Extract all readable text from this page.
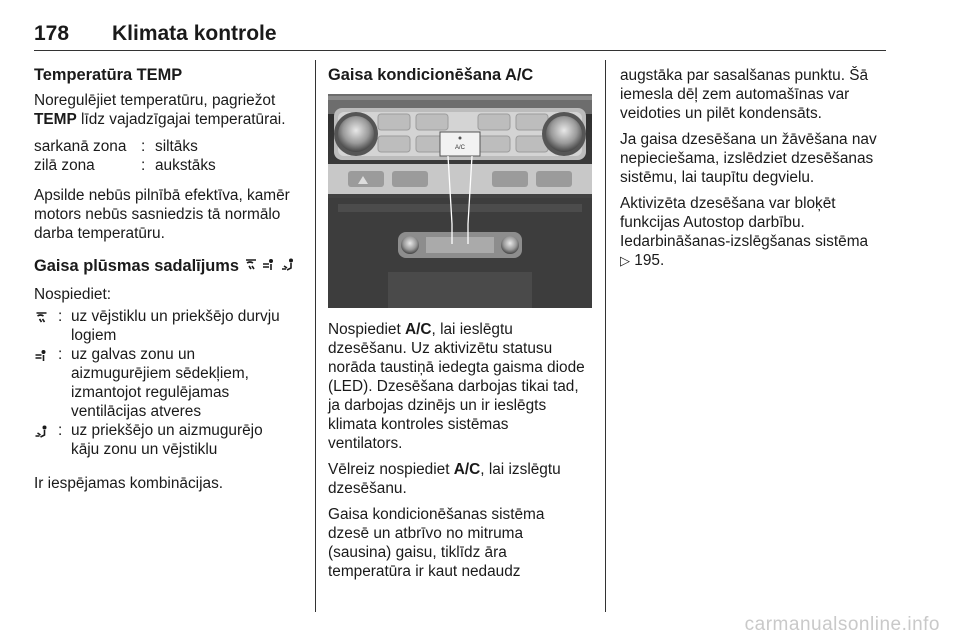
178 Klimata kontrole

Temperatūra TEMP

Noregulējiet temperatūru, pagriežot
TEMP līdz vajadzīgajai temperatūrai.

sarkanā zona : siltāks
zilā zona	: aukstāks

Apsilde nebūs pilnībā efektīva, kamēr
motors nebūs sasniedzis tā normālo
darba temperatūru.

Gaisa plūsmas sadalījums

Nospiediet:

: uz vējstiklu un priekšējo durvju
logiem
: uz galvas zonu un
aizmugurējiem sēdekļiem,
izmantojot regulējamas
ventilācijas atveres
: uz priekšējo un aizmugurējo
kāju zonu un vējstiklu

Ir iespējamas kombinācijas.

Gaisa kondicionēšana A/C

A/C

Nospiediet A/C, lai ieslēgtu
dzesēšanu. Uz aktivizētu statusu
norāda taustiņā iedegta gaisma diode
(LED). Dzesēšana darbojas tikai tad,
ja darbojas dzinējs un ir ieslēgts
klimata kontroles sistēmas
ventilators.

Vēlreiz nospiediet A/C, lai izslēgtu
dzesēšanu.

Gaisa kondicionēšanas sistēma
dzesē un atbrīvo no mitruma
(sausina) gaisu, tiklīdz āra
temperatūra ir kaut nedaudz

augstāka par sasalšanas punktu. Šā
iemesla dēļ zem automašīnas var
veidoties un pilēt kondensāts.

Ja gaisa dzesēšana un žāvēšana nav
nepieciešama, izslēdziet dzesēšanas
sistēmu, lai taupītu degvielu.

Aktivizēta dzesēšana var bloķēt
funkcijas Autostop darbību.

Iedarbināšanas-izslēgšanas sistēma
▷ 195.

carmanualsonline.info
